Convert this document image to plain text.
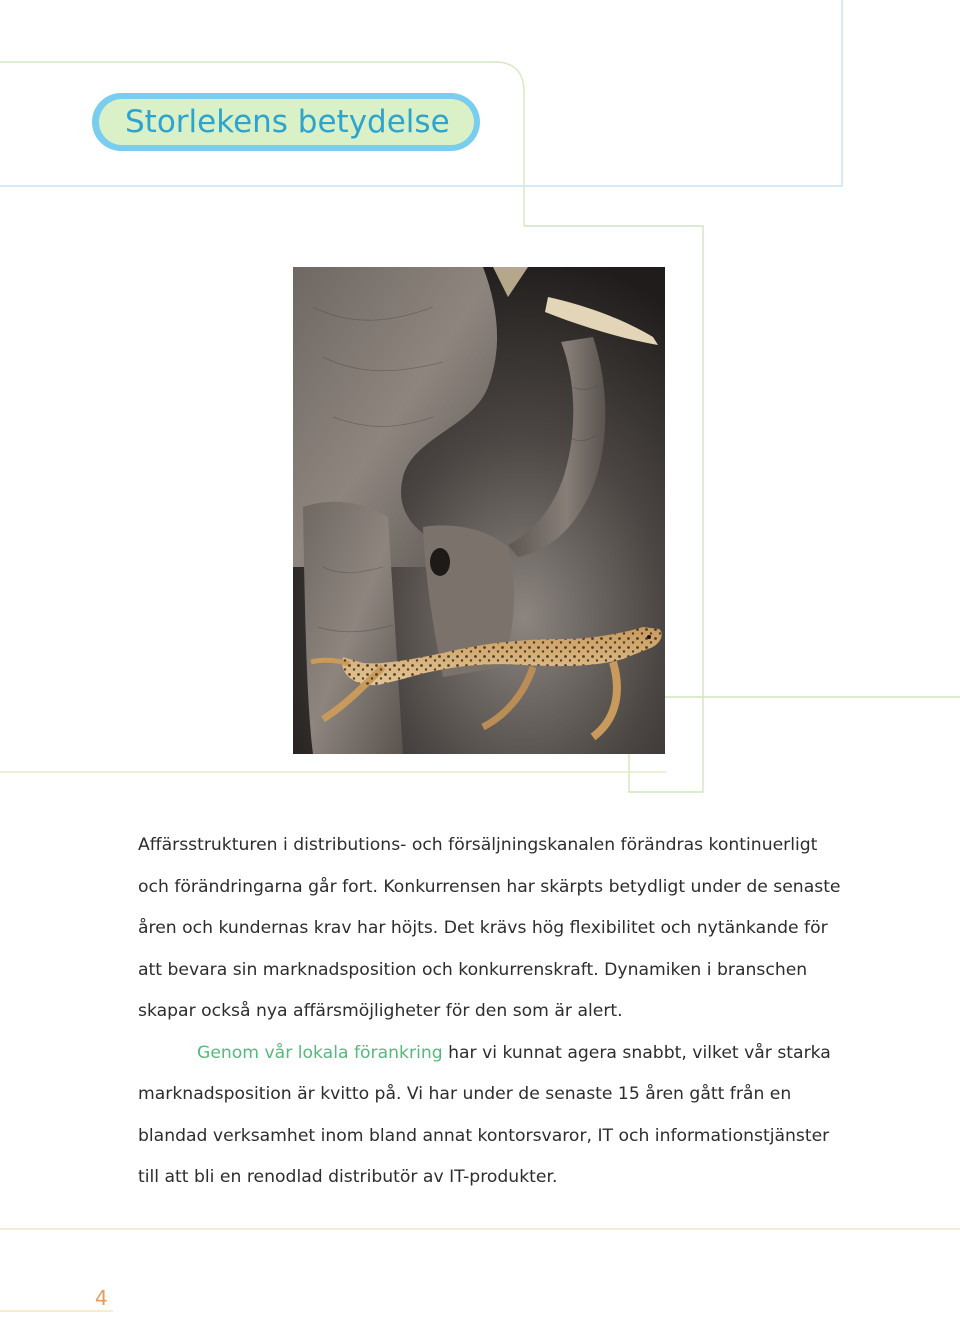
Storlekens betydelse
Affärsstrukturen i distributions- och försäljningskanalen förändras kontinuerligt
och förändringarna går fort. Konkurrensen har skärpts betydligt under de senaste
åren och kundernas krav har höjts. Det krävs hög flexibilitet och nytänkande för
att bevara sin marknadsposition och konkurrenskraft. Dynamiken i branschen
skapar också nya affärsmöjligheter för den som är alert.
Genom vår lokala förankring har vi kunnat agera snabbt, vilket vår starka
marknadsposition är kvitto på. Vi har under de senaste 15 åren gått från en
blandad verksamhet inom bland annat kontorsvaror, IT och informationstjänster
till att bli en renodlad distributör av IT-produkter.
4
